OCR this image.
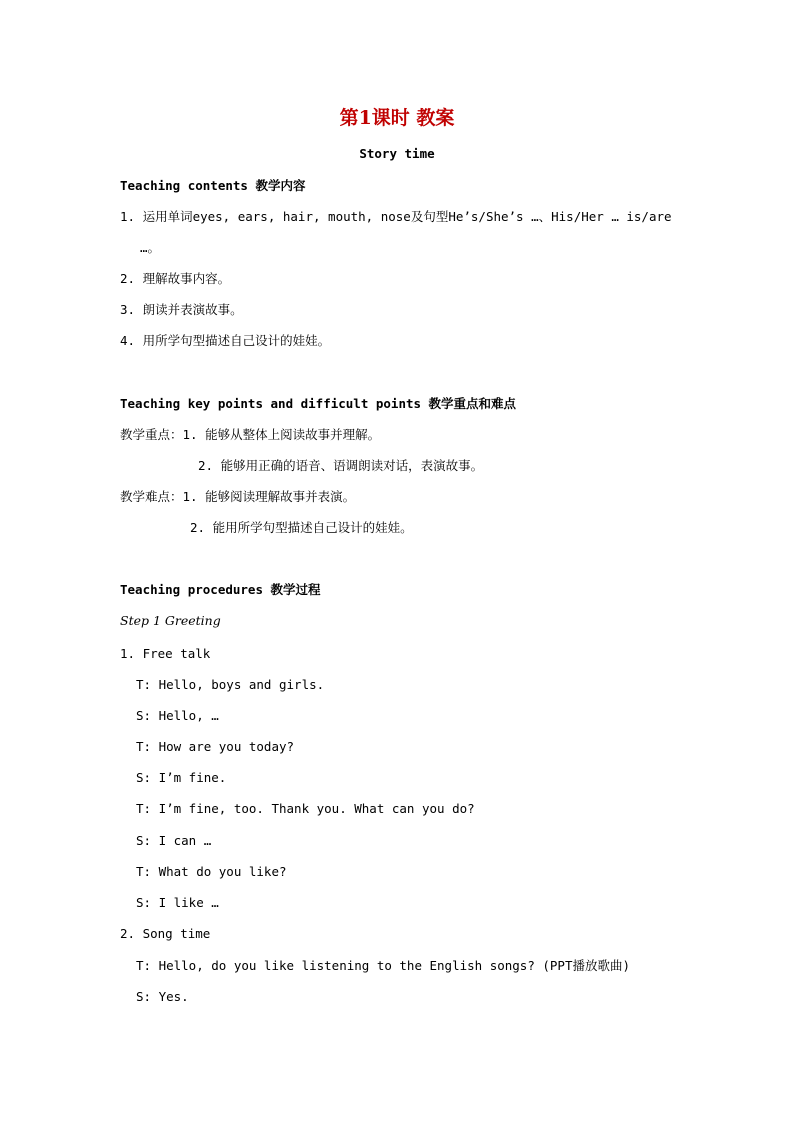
第1课时 教案
Story time
Teaching contents 教学内容
1. 运用单词eyes, ears, hair, mouth, nose及句型He’s/She’s …、His/Her … is/are
…。
2. 理解故事内容。
3. 朗读并表演故事。
4. 用所学句型描述自己设计的娃娃。
Teaching key points and difficult points 教学重点和难点
教学重点：1. 能够从整体上阅读故事并理解。
2. 能够用正确的语音、语调朗读对话，表演故事。
教学难点：1. 能够阅读理解故事并表演。
2. 能用所学句型描述自己设计的娃娃。
Teaching procedures 教学过程
Step 1 Greeting
1. Free talk
T: Hello, boys and girls.
S: Hello, …
T: How are you today?
S: I’m fine.
T: I’m fine, too. Thank you. What can you do?
S: I can …
T: What do you like?
S: I like …
2. Song time
T: Hello, do you like listening to the English songs? (PPT播放歌曲)
S: Yes.
